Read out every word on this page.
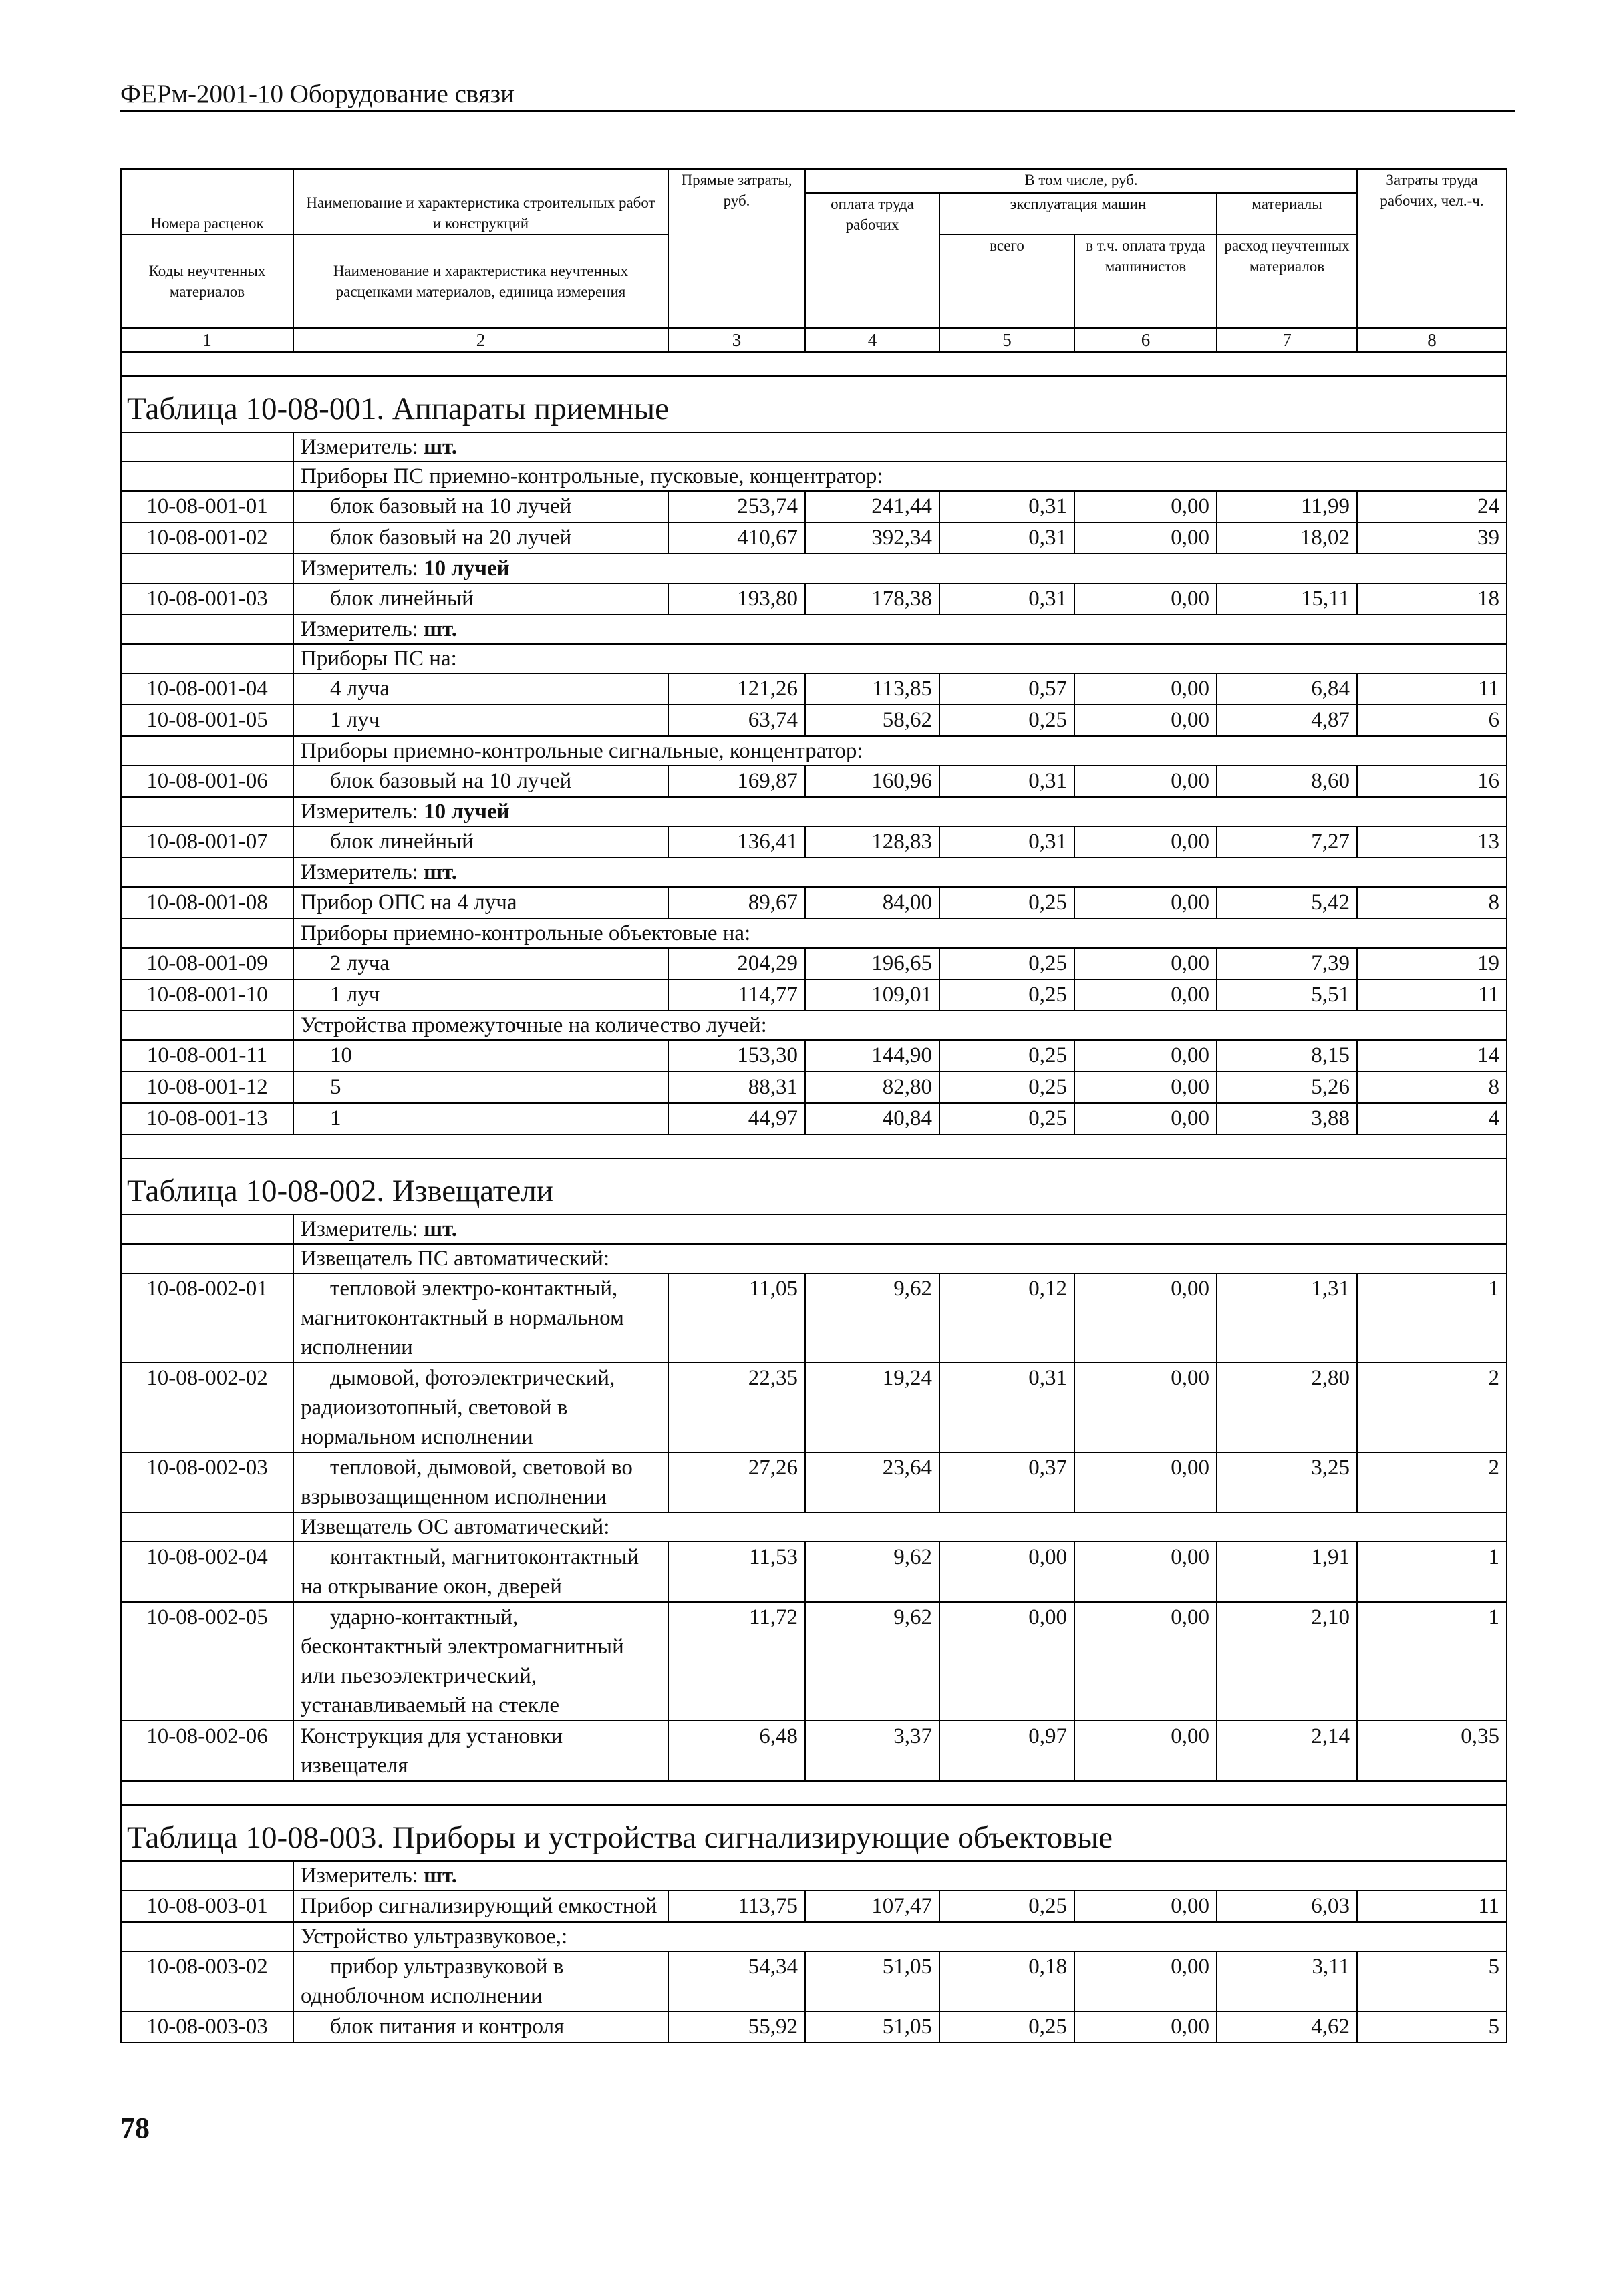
ФЕРм-2001-10 Оборудование связи
Номера расценок	Наименование и характеристика строительных работ и конструкций	Прямые затраты, руб.	В том числе, руб.				Затраты труда рабочих, чел.-ч.
			оплата труда рабочих	эксплуатация машин		материалы	
Коды неучтенных материалов	Наименование и характеристика неучтенных расценками материалов, единица измерения			всего	в т.ч. оплата труда машинистов	расход неучтенных материалов	

1	2	3	4	5	6	7	8

Таблица 10-08-001. Аппараты приемные							
	Измеритель: шт.						
	Приборы ПС приемно-контрольные, пусковые, концентратор:						
10-08-001-01	блок базовый на 10 лучей	253,74	241,44	0,31	0,00	11,99	24
10-08-001-02	блок базовый на 20 лучей	410,67	392,34	0,31	0,00	18,02	39
	Измеритель: 10 лучей						
10-08-001-03	блок линейный	193,80	178,38	0,31	0,00	15,11	18
	Измеритель: шт.						
	Приборы ПС на:						
10-08-001-04	4 луча	121,26	113,85	0,57	0,00	6,84	11
10-08-001-05	1 луч	63,74	58,62	0,25	0,00	4,87	6
	Приборы приемно-контрольные сигнальные, концентратор:						
10-08-001-06	блок базовый на 10 лучей	169,87	160,96	0,31	0,00	8,60	16
	Измеритель: 10 лучей						
10-08-001-07	блок линейный	136,41	128,83	0,31	0,00	7,27	13
	Измеритель: шт.						
10-08-001-08	Прибор ОПС на 4 луча	89,67	84,00	0,25	0,00	5,42	8
	Приборы приемно-контрольные объектовые на:						
10-08-001-09	2 луча	204,29	196,65	0,25	0,00	7,39	19
10-08-001-10	1 луч	114,77	109,01	0,25	0,00	5,51	11
	Устройства промежуточные на количество лучей:						
10-08-001-11	10	153,30	144,90	0,25	0,00	8,15	14
10-08-001-12	5	88,31	82,80	0,25	0,00	5,26	8
10-08-001-13	1	44,97	40,84	0,25	0,00	3,88	4

Таблица 10-08-002. Извещатели							
	Измеритель: шт.						
	Извещатель ПС автоматический:						
10-08-002-01	тепловой электро-контактный, магнитоконтактный в нормальном исполнении	11,05	9,62	0,12	0,00	1,31	1
10-08-002-02	дымовой, фотоэлектрический, радиоизотопный, световой в нормальном исполнении	22,35	19,24	0,31	0,00	2,80	2
10-08-002-03	тепловой, дымовой, световой во взрывозащищенном исполнении	27,26	23,64	0,37	0,00	3,25	2
	Извещатель ОС автоматический:						
10-08-002-04	контактный, магнитоконтактный на открывание окон, дверей	11,53	9,62	0,00	0,00	1,91	1
10-08-002-05	ударно-контактный, бесконтактный электромагнитный или пьезоэлектрический, устанавливаемый на стекле	11,72	9,62	0,00	0,00	2,10	1
10-08-002-06	Конструкция для установки извещателя	6,48	3,37	0,97	0,00	2,14	0,35

Таблица 10-08-003. Приборы и устройства сигнализирующие объектовые							
	Измеритель: шт.						
10-08-003-01	Прибор сигнализирующий емкостной	113,75	107,47	0,25	0,00	6,03	11
	Устройство ультразвуковое,:						
10-08-003-02	прибор ультразвуковой в одноблочном исполнении	54,34	51,05	0,18	0,00	3,11	5
10-08-003-03	блок питания и контроля	55,92	51,05	0,25	0,00	4,62	5
78
